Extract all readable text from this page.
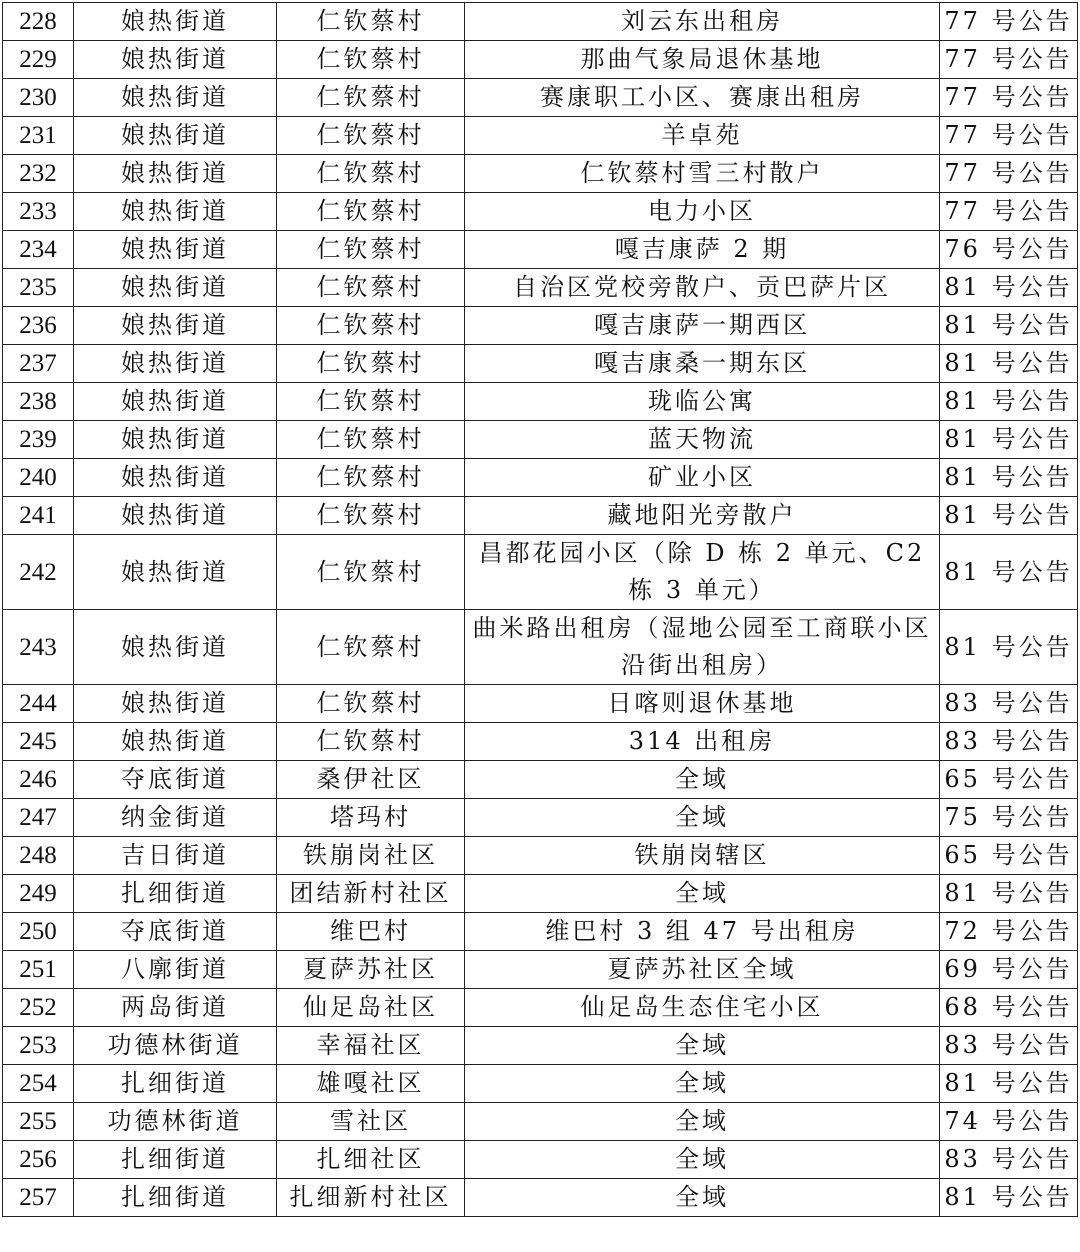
228	娘热街道	仁钦蔡村	刘云东出租房	77 号公告
229	娘热街道	仁钦蔡村	那曲气象局退休基地	77 号公告
230	娘热街道	仁钦蔡村	赛康职工小区、赛康出租房	77 号公告
231	娘热街道	仁钦蔡村	羊卓苑	77 号公告
232	娘热街道	仁钦蔡村	仁钦蔡村雪三村散户	77 号公告
233	娘热街道	仁钦蔡村	电力小区	77 号公告
234	娘热街道	仁钦蔡村	嘎吉康萨 2 期	76 号公告
235	娘热街道	仁钦蔡村	自治区党校旁散户、贡巴萨片区	81 号公告
236	娘热街道	仁钦蔡村	嘎吉康萨一期西区	81 号公告
237	娘热街道	仁钦蔡村	嘎吉康桑一期东区	81 号公告
238	娘热街道	仁钦蔡村	珑临公寓	81 号公告
239	娘热街道	仁钦蔡村	蓝天物流	81 号公告
240	娘热街道	仁钦蔡村	矿业小区	81 号公告
241	娘热街道	仁钦蔡村	藏地阳光旁散户	81 号公告
242	娘热街道	仁钦蔡村	昌都花园小区（除 D 栋 2 单元、C2 栋 3 单元）	81 号公告
243	娘热街道	仁钦蔡村	曲米路出租房（湿地公园至工商联小区沿街出租房）	81 号公告
244	娘热街道	仁钦蔡村	日喀则退休基地	83 号公告
245	娘热街道	仁钦蔡村	314 出租房	83 号公告
246	夺底街道	桑伊社区	全域	65 号公告
247	纳金街道	塔玛村	全域	75 号公告
248	吉日街道	铁崩岗社区	铁崩岗辖区	65 号公告
249	扎细街道	团结新村社区	全域	81 号公告
250	夺底街道	维巴村	维巴村 3 组 47 号出租房	72 号公告
251	八廓街道	夏萨苏社区	夏萨苏社区全域	69 号公告
252	两岛街道	仙足岛社区	仙足岛生态住宅小区	68 号公告
253	功德林街道	幸福社区	全域	83 号公告
254	扎细街道	雄嘎社区	全域	81 号公告
255	功德林街道	雪社区	全域	74 号公告
256	扎细街道	扎细社区	全域	83 号公告
257	扎细街道	扎细新村社区	全域	81 号公告
